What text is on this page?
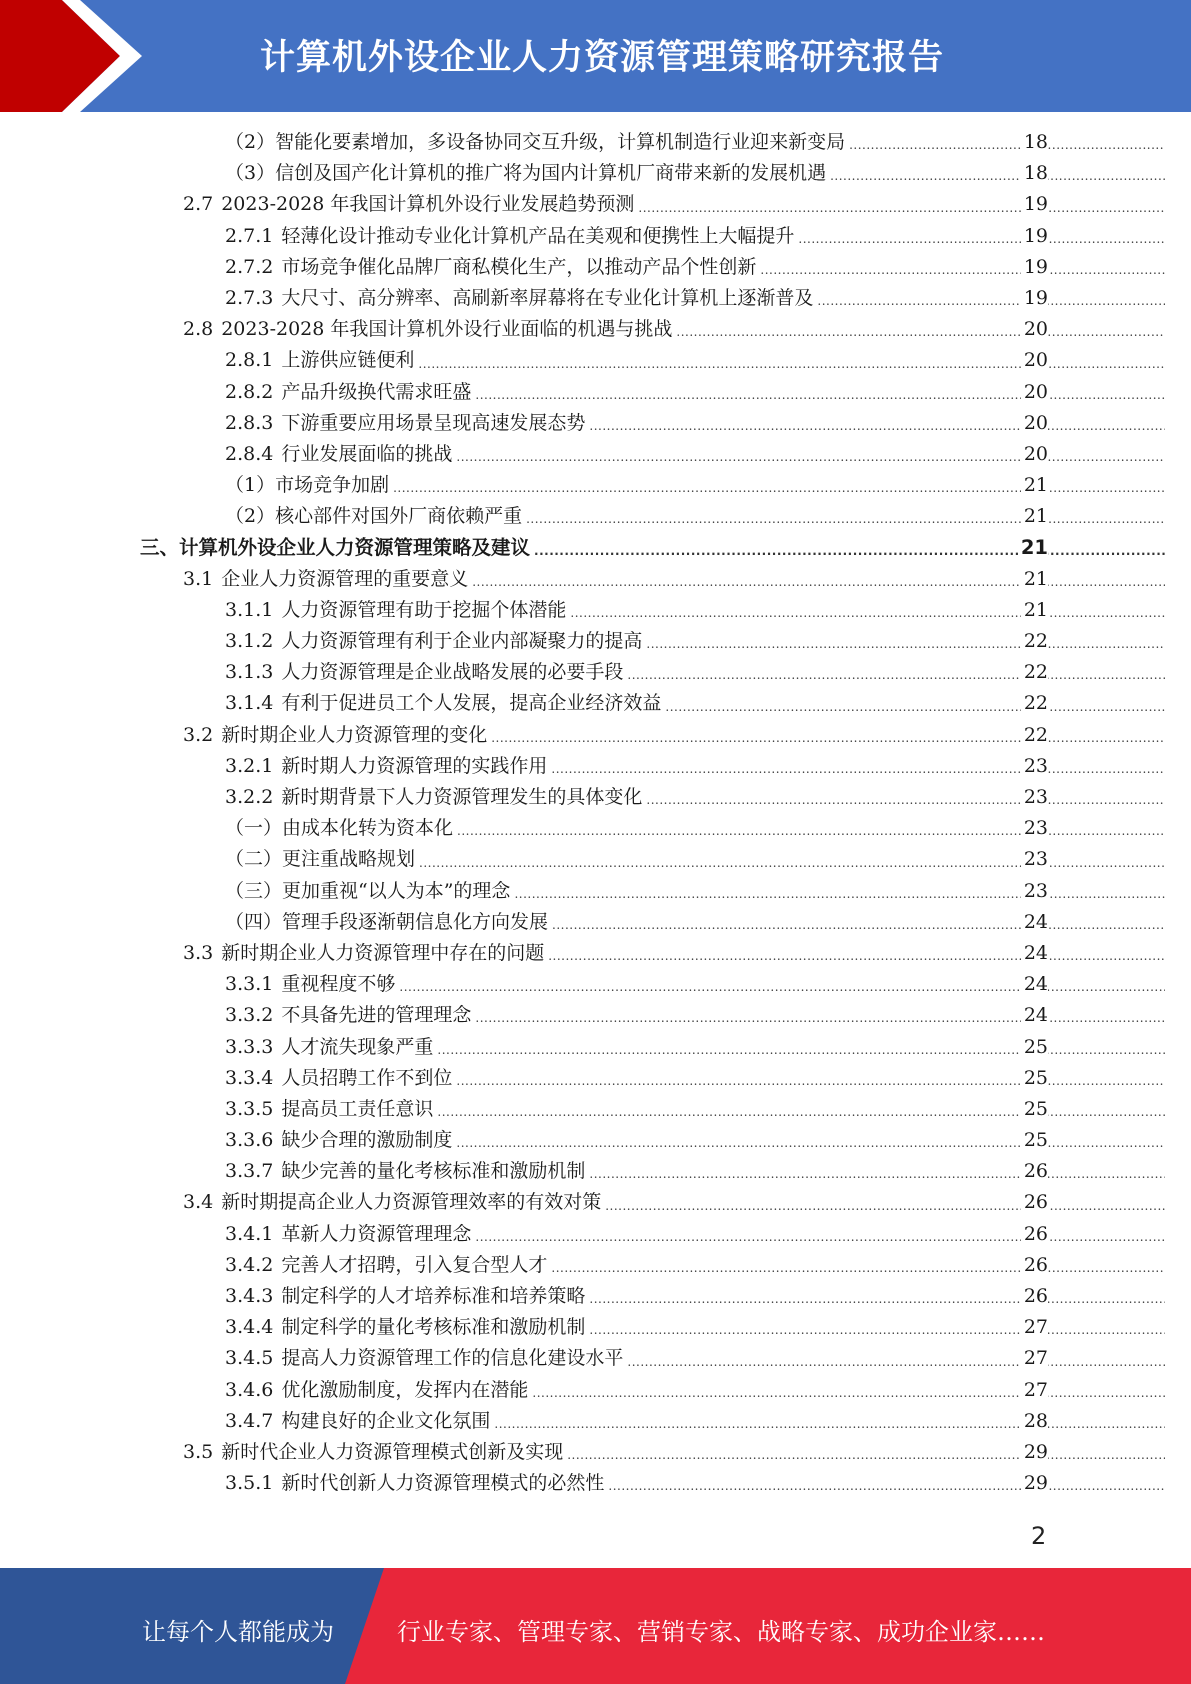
计算机外设企业人力资源管理策略研究报告
（2）智能化要素增加，多设备协同交互升级，计算机制造行业迎来新变局 .....	18
（3）信创及国产化计算机的推广将为国内计算机厂商带来新的发展机遇 .....	18
2.7 2023-2028 年我国计算机外设行业发展趋势预测 .....	19
2.7.1 轻薄化设计推动专业化计算机产品在美观和便携性上大幅提升 .....	19
2.7.2 市场竞争催化品牌厂商私模化生产，以推动产品个性创新 .....	19
2.7.3 大尺寸、高分辨率、高刷新率屏幕将在专业化计算机上逐渐普及 .....	19
2.8 2023-2028 年我国计算机外设行业面临的机遇与挑战 .....	20
2.8.1 上游供应链便利 .....	20
2.8.2 产品升级换代需求旺盛 .....	20
2.8.3 下游重要应用场景呈现高速发展态势 .....	20
2.8.4 行业发展面临的挑战 .....	20
（1）市场竞争加剧 .....	21
（2）核心部件对国外厂商依赖严重 .....	21
三、计算机外设企业人力资源管理策略及建议 .....	21
3.1 企业人力资源管理的重要意义 .....	21
3.1.1 人力资源管理有助于挖掘个体潜能 .....	21
3.1.2 人力资源管理有利于企业内部凝聚力的提高 .....	22
3.1.3 人力资源管理是企业战略发展的必要手段 .....	22
3.1.4 有利于促进员工个人发展，提高企业经济效益 .....	22
3.2 新时期企业人力资源管理的变化 .....	22
3.2.1 新时期人力资源管理的实践作用 .....	23
3.2.2 新时期背景下人力资源管理发生的具体变化 .....	23
（一）由成本化转为资本化 .....	23
（二）更注重战略规划 .....	23
（三）更加重视“以人为本”的理念 .....	23
（四）管理手段逐渐朝信息化方向发展 .....	24
3.3 新时期企业人力资源管理中存在的问题 .....	24
3.3.1 重视程度不够 .....	24
3.3.2 不具备先进的管理理念 .....	24
3.3.3 人才流失现象严重 .....	25
3.3.4 人员招聘工作不到位 .....	25
3.3.5 提高员工责任意识 .....	25
3.3.6 缺少合理的激励制度 .....	25
3.3.7 缺少完善的量化考核标准和激励机制 .....	26
3.4 新时期提高企业人力资源管理效率的有效对策 .....	26
3.4.1 革新人力资源管理理念 .....	26
3.4.2 完善人才招聘，引入复合型人才 .....	26
3.4.3 制定科学的人才培养标准和培养策略 .....	26
3.4.4 制定科学的量化考核标准和激励机制 .....	27
3.4.5 提高人力资源管理工作的信息化建设水平 .....	27
3.4.6 优化激励制度，发挥内在潜能 .....	27
3.4.7 构建良好的企业文化氛围 .....	28
3.5 新时代企业人力资源管理模式创新及实现 .....	29
3.5.1 新时代创新人力资源管理模式的必然性 .....	29
2
让每个人都能成为	行业专家、管理专家、营销专家、战略专家、成功企业家……
